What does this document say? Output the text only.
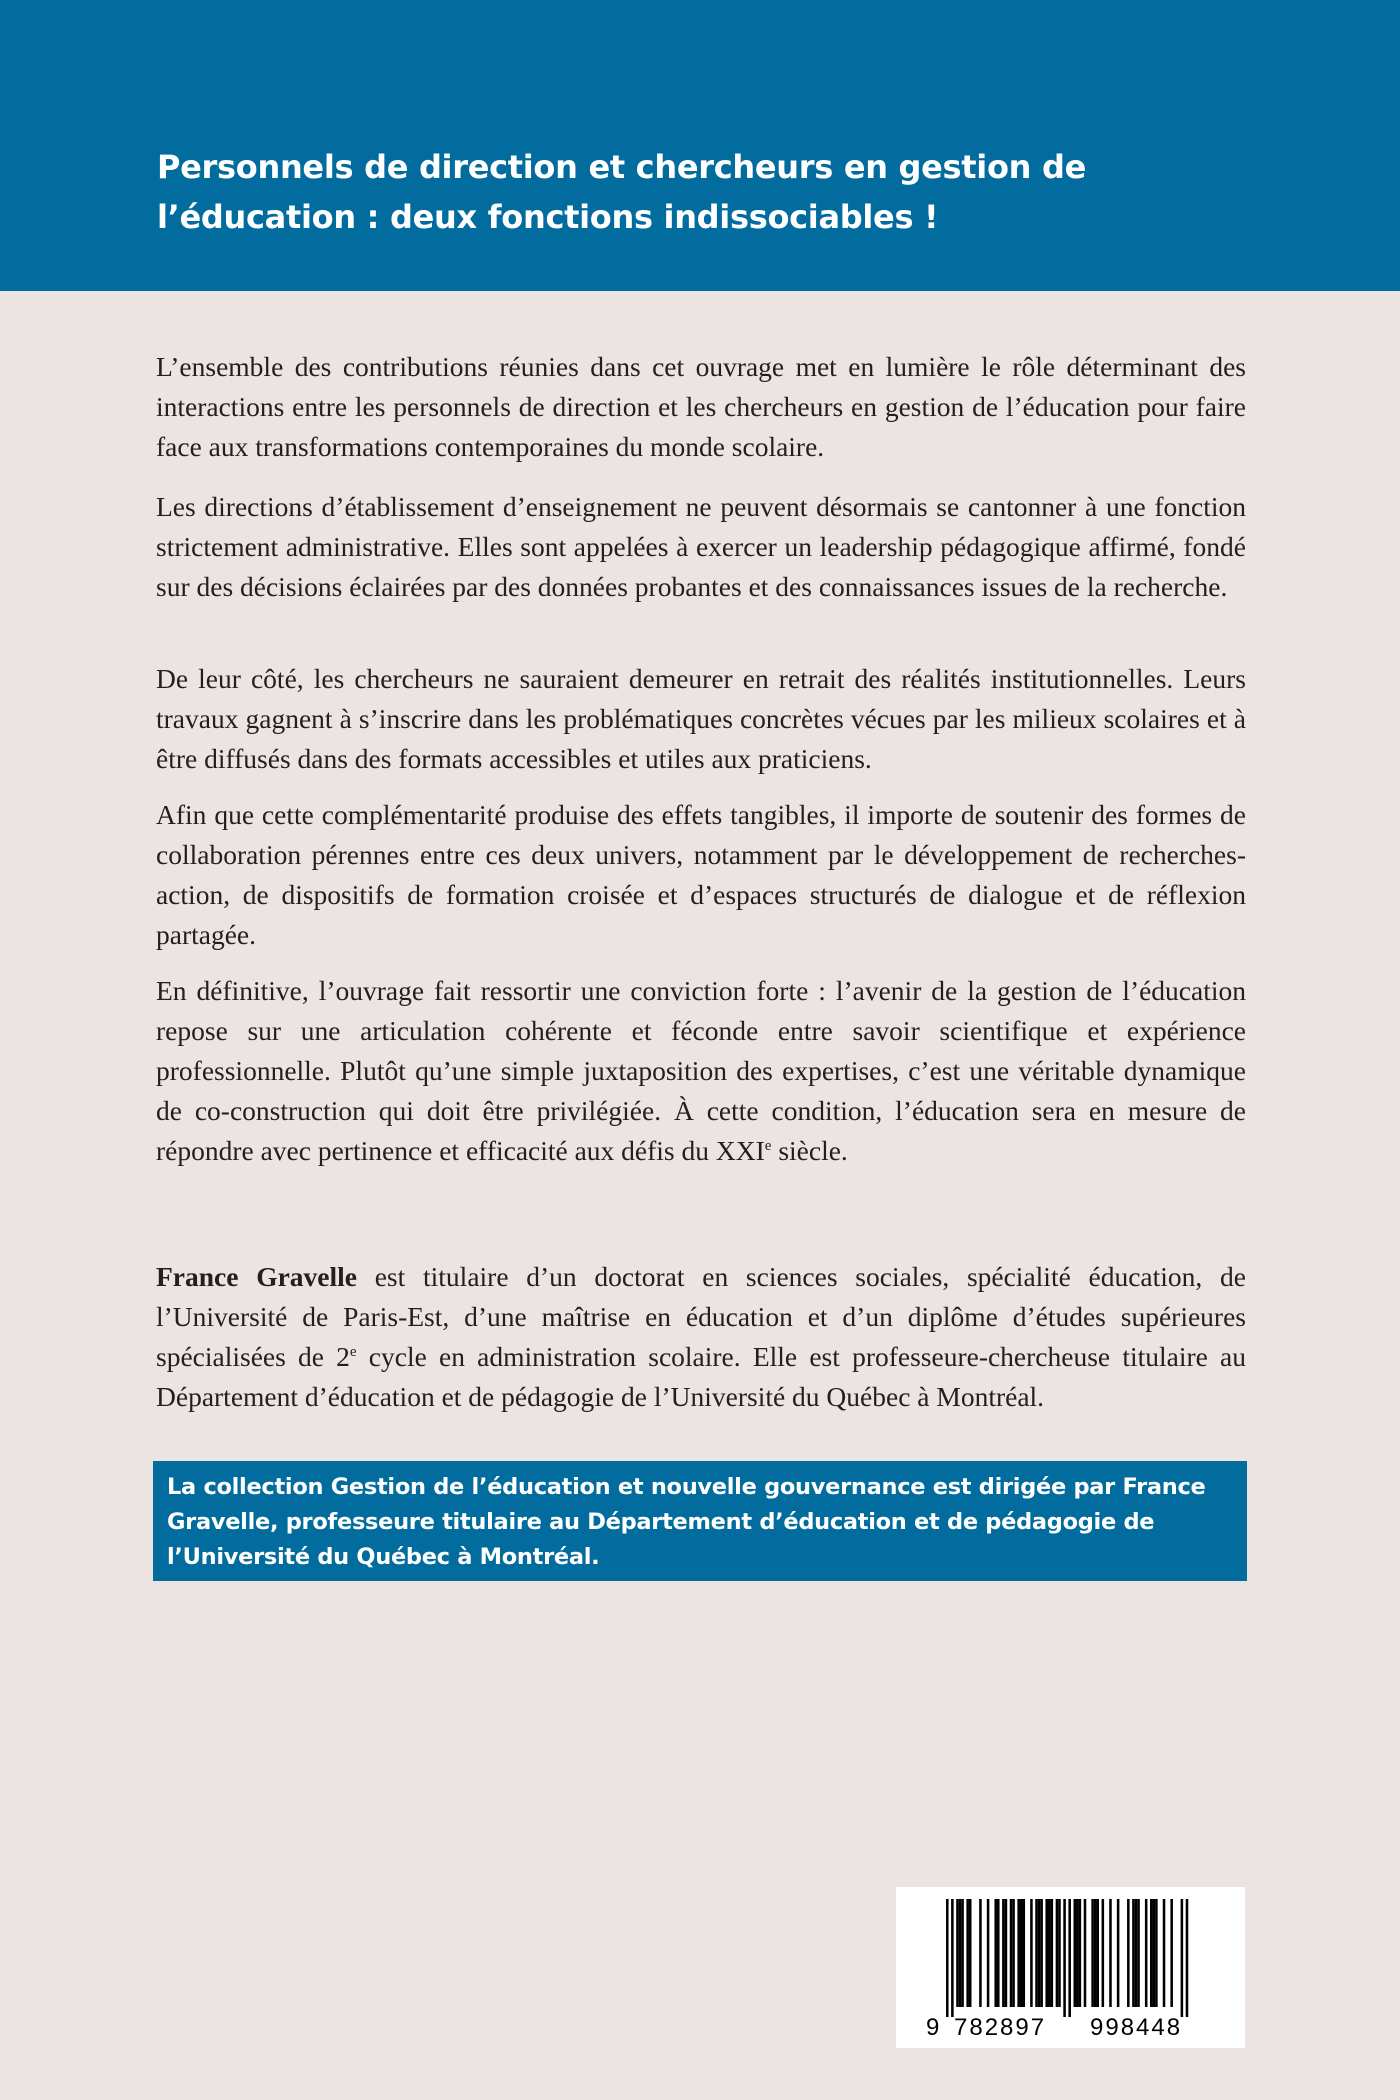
Personnels de direction et chercheurs en gestion de
l’éducation : deux fonctions indissociables !

L’ensemble des contributions réunies dans cet ouvrage met en lumière le rôle déterminant des interactions entre les personnels de direction et les chercheurs en gestion de l’éducation pour faire face aux transformations contemporaines du monde scolaire.

Les directions d’établissement d’enseignement ne peuvent désormais se cantonner à une fonction strictement administrative. Elles sont appelées à exercer un leadership pédagogique affirmé, fondé sur des décisions éclairées par des données probantes et des connaissances issues de la recherche.

De leur côté, les chercheurs ne sauraient demeurer en retrait des réalités institutionnelles. Leurs travaux gagnent à s’inscrire dans les problématiques concrètes vécues par les milieux scolaires et à être diffusés dans des formats accessibles et utiles aux praticiens.

Afin que cette complémentarité produise des effets tangibles, il importe de soutenir des formes de collaboration pérennes entre ces deux univers, notamment par le développement de recherches-action, de dispositifs de formation croisée et d’espaces structurés de dialogue et de réflexion partagée.

En définitive, l’ouvrage fait ressortir une conviction forte : l’avenir de la gestion de l’éducation repose sur une articulation cohérente et féconde entre savoir scientifique et expérience professionnelle. Plutôt qu’une simple juxtaposition des expertises, c’est une véritable dynamique de co-construction qui doit être privilégiée. À cette condition, l’éducation sera en mesure de répondre avec pertinence et efficacité aux défis du XXIe siècle.

France Gravelle est titulaire d’un doctorat en sciences sociales, spécialité éducation, de l’Université de Paris-Est, d’une maîtrise en éducation et d’un diplôme d’études supérieures spécialisées de 2e cycle en administration scolaire. Elle est professeure-chercheuse titulaire au Département d’éducation et de pédagogie de l’Université du Québec à Montréal.

La collection Gestion de l’éducation et nouvelle gouvernance est dirigée par France
Gravelle, professeure titulaire au Département d’éducation et de pédagogie de
l’Université du Québec à Montréal.

9 782897 998448
